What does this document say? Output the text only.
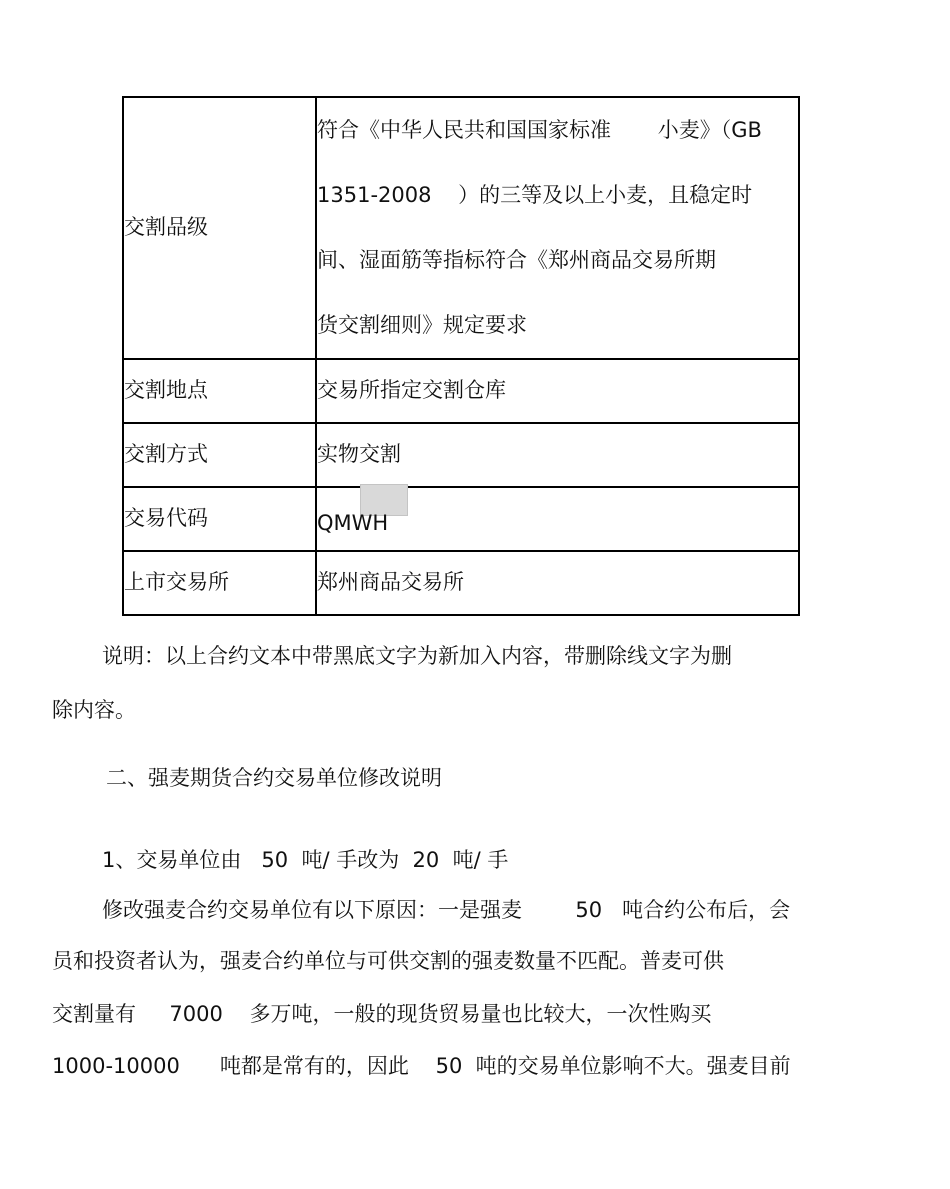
交割品级	符合《中华人民共和国国家标准       小麦》（GB
1351-2008    ）的三等及以上小麦，且稳定时
间、湿面筋等指标符合《郑州商品交易所期
货交割细则》规定要求

交割地点	交易所指定交割仓库
交割方式	实物交割
交易代码	QMWH
上市交易所	郑州商品交易所

说明：以上合约文本中带黑底文字为新加入内容，带删除线文字为删

除内容。

二、强麦期货合约交易单位修改说明

1、交易单位由   50  吨/ 手改为  20  吨/ 手

修改强麦合约交易单位有以下原因：一是强麦        50   吨合约公布后，会

员和投资者认为，强麦合约单位与可供交割的强麦数量不匹配。普麦可供

交割量有     7000    多万吨，一般的现货贸易量也比较大，一次性购买

1000-10000      吨都是常有的，因此    50  吨的交易单位影响不大。强麦目前
